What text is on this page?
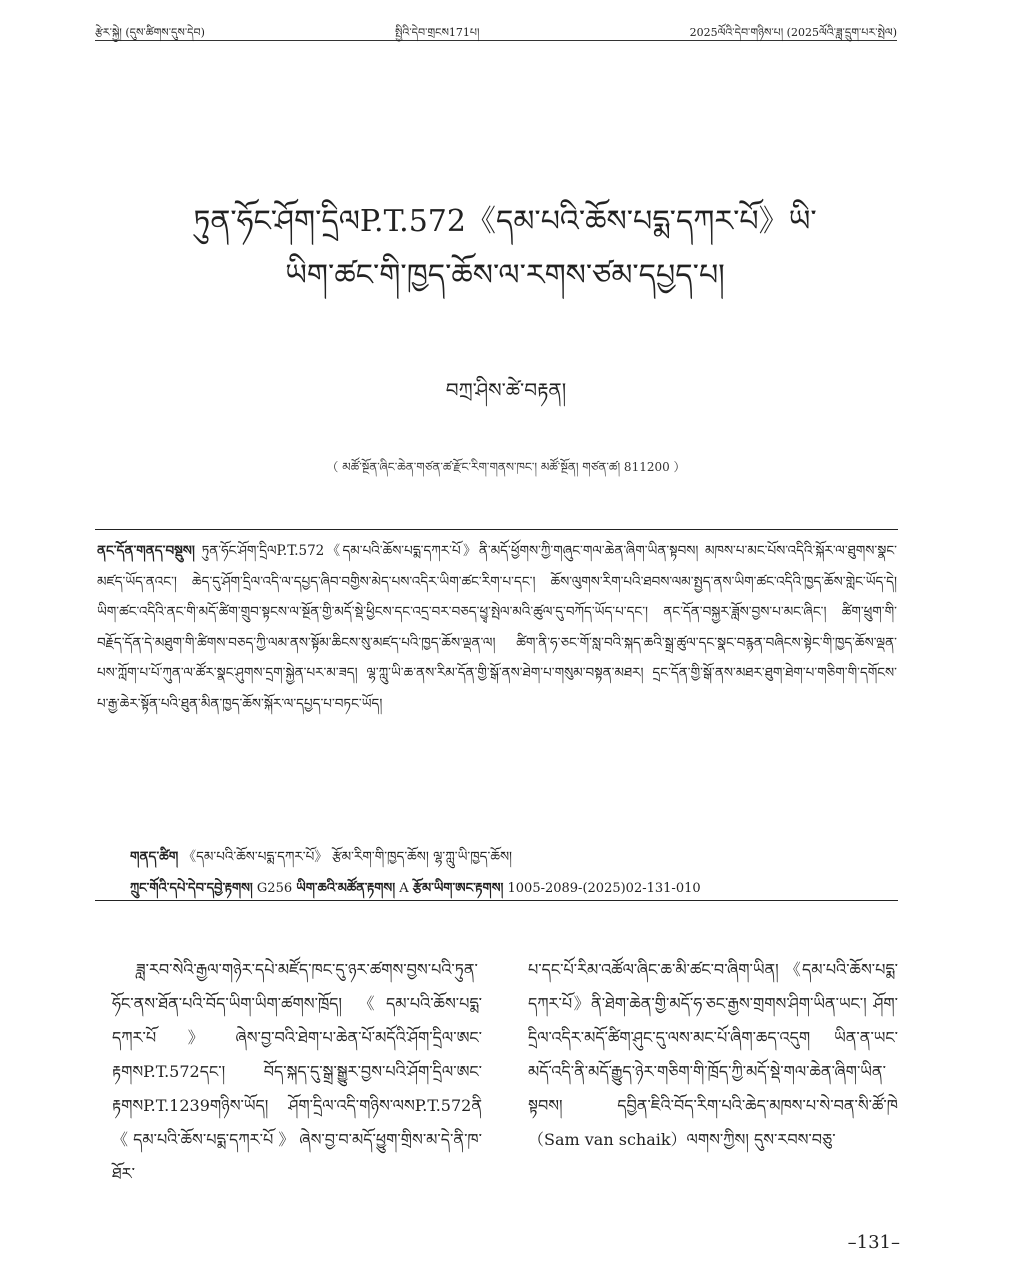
རྩེར་སྐྱེ། (དུས་ཚིགས་དུས་དེབ)	སྤྱིའི་དེབ་གྲངས171པ།	2025ལོའི་དེབ་གཉིས་པ། (2025ལོའི་ཟླ་དྲུག་པར་སྤེལ)
ཏུན་ཧོང་ཤོག་དྲིལP.T.572《དམ་པའི་ཆོས་པདྨ་དཀར་པོ》ཡི་
ཡིག་ཚང་གི་ཁྱད་ཆོས་ལ་རགས་ཙམ་དཔྱད་པ།
བཀྲ་ཤིས་ཚེ་བརྟན།
（ མཚོ་སྔོན་ཞིང་ཆེན་གཙན་ཚ་རྫོང་རིག་གནས་ཁང་། མཚོ་སྔོན། གཙན་ཚ། 811200 ）
ནང་དོན་གནད་བསྡུས། ཏུན་ཧོང་ཤོག་དྲིལP.T.572《དམ་པའི་ཆོས་པདྨ་དཀར་པོ》ནི་མདོ་ཕྱོགས་ཀྱི་གཞུང་གལ་ཆེན་ཞིག་ཡིན་སྟབས། མཁས་པ་མང་པོས་འདིའི་སྐོར་ལ་ཐུགས་སྣང་མཛད་ཡོད་ནའང་། ཆེད་དུ་ཤོག་དྲིལ་འདི་ལ་དཔྱད་ཞིབ་བགྱིས་མེད་པས་འདིར་ཡིག་ཚང་རིག་པ་དང་། ཆོས་ལུགས་རིག་པའི་ཐབས་ལམ་སྤྱད་ནས་ཡིག་ཚང་འདིའི་ཁྱད་ཆོས་གླེང་ཡོད་དེ། ཡིག་ཚང་འདིའི་ནང་གི་མདོ་ཚིག་གྲུབ་སྟངས་ལ་སྔོན་གྱི་མདོ་སྡེ་ཕྱིངས་དང་འདྲ་བར་བཅད་ཕྱྭ་སྤེལ་མའི་ཚུལ་དུ་བཀོད་ཡོད་པ་དང་། ནང་དོན་བསྐྱར་ཟློས་བྱས་པ་མང་ཞིང་། ཚིག་ཕྲུག་གི་བརྗོད་དོན་དེ་མཐུག་གི་ཚིགས་བཅད་ཀྱི་ལམ་ནས་སྟོམ་ཆིངས་སུ་མཛད་པའི་ཁྱད་ཆོས་ལྡན་ལ། ཚིག་ནི་ཧ་ཅང་གོ་སླ་བའི་སྐད་ཆའི་སྒྲ་ཚུལ་དང་སྣང་བརྙན་བཞིངས་སྟེང་གི་ཁྱད་ཆོས་ལྡན་པས་ཀློག་པ་པོ་ཀུན་ལ་ཚོར་སྣང་ཤུགས་དྲག་སྐྱེན་པར་མ་ཟད། ལྷ་ཀླུ་ཡི་ཆ་ནས་རིམ་དོན་གྱི་སྒོ་ནས་ཐེག་པ་གསུམ་བསྟན་མཐར། དྲང་དོན་གྱི་སྒོ་ནས་མཐར་ཐུག་ཐེག་པ་གཅིག་གི་དགོངས་པ་རྒྱ་ཆེར་སྟོན་པའི་ཐུན་མིན་ཁྱད་ཆོས་སྐོར་ལ་དཔྱད་པ་བཏང་ཡོད།
གནད་ཚིག 《དམ་པའི་ཆོས་པདྨ་དཀར་པོ》 རྩོམ་རིག་གི་ཁྱད་ཆོས། ལྷ་ཀླུ་ཡི་ཁྱད་ཆོས།
ཀྲུང་གོའི་དཔེ་དེབ་དབྱེ་རྟགས། G256 ཡིག་ཆའི་མཚོན་རྟགས། A རྩོམ་ཡིག་ཨང་རྟགས། 1005-2089-(2025)02-131-010
ཟླ་རབ་སེའི་རྒྱལ་གཉེར་དཔེ་མཛོད་ཁང་དུ་ཉར་ཚགས་བྱས་པའི་ཏུན་ཧོང་ནས་ཐོན་པའི་བོད་ཡིག་ཡིག་ཚགས་ཁྲོད། 《དམ་པའི་ཆོས་པདྨ་དཀར་པོ》ཞེས་བྱ་བའི་ཐེག་པ་ཆེན་པོ་མདོའི་ཤོག་དྲིལ་ཨང་རྟགསP.T.572དང་། བོད་སྐད་དུ་སྒྲ་སྒྱུར་བྱས་པའི་ཤོག་དྲིལ་ཨང་རྟགསP.T.1239གཉིས་ཡོད། ཤོག་དྲིལ་འདི་གཉིས་ལསP.T.572ནི《དམ་པའི་ཆོས་པདྨ་དཀར་པོ》ཞེས་བྱ་བ་མདོ་ཕྱུག་གྲིས་མ་དེ་ནི་ཁ་ཐོར་
པ་དང་པོ་རིམ་འཚོལ་ཞིང་ཆ་མི་ཚང་བ་ཞིག་ཡིན། 《དམ་པའི་ཆོས་པདྨ་དཀར་པོ》ནི་ཐེག་ཆེན་གྱི་མདོ་ཧ་ཅང་རྒྱས་གྲགས་ཤིག་ཡིན་ཡང་། ཤོག་དྲིལ་འདིར་མདོ་ཚིག་ཤུང་དུ་ལས་མང་པོ་ཞིག་ཆད་འདུག ཡིན་ན་ཡང་མདོ་འདི་ནི་མདོ་རྒྱུད་ཉེར་གཅིག་གི་ཁྲོད་ཀྱི་མདོ་སྡེ་གལ་ཆེན་ཞིག་ཡིན་སྟབས། དབྱིན་ཇིའི་བོད་རིག་པའི་ཆེད་མཁས་པ་སེ་བན་སི་ཚོ་ཁེ（Sam van schaik）ལགས་ཀྱིས། དུས་རབས་བཅུ་
–131–
